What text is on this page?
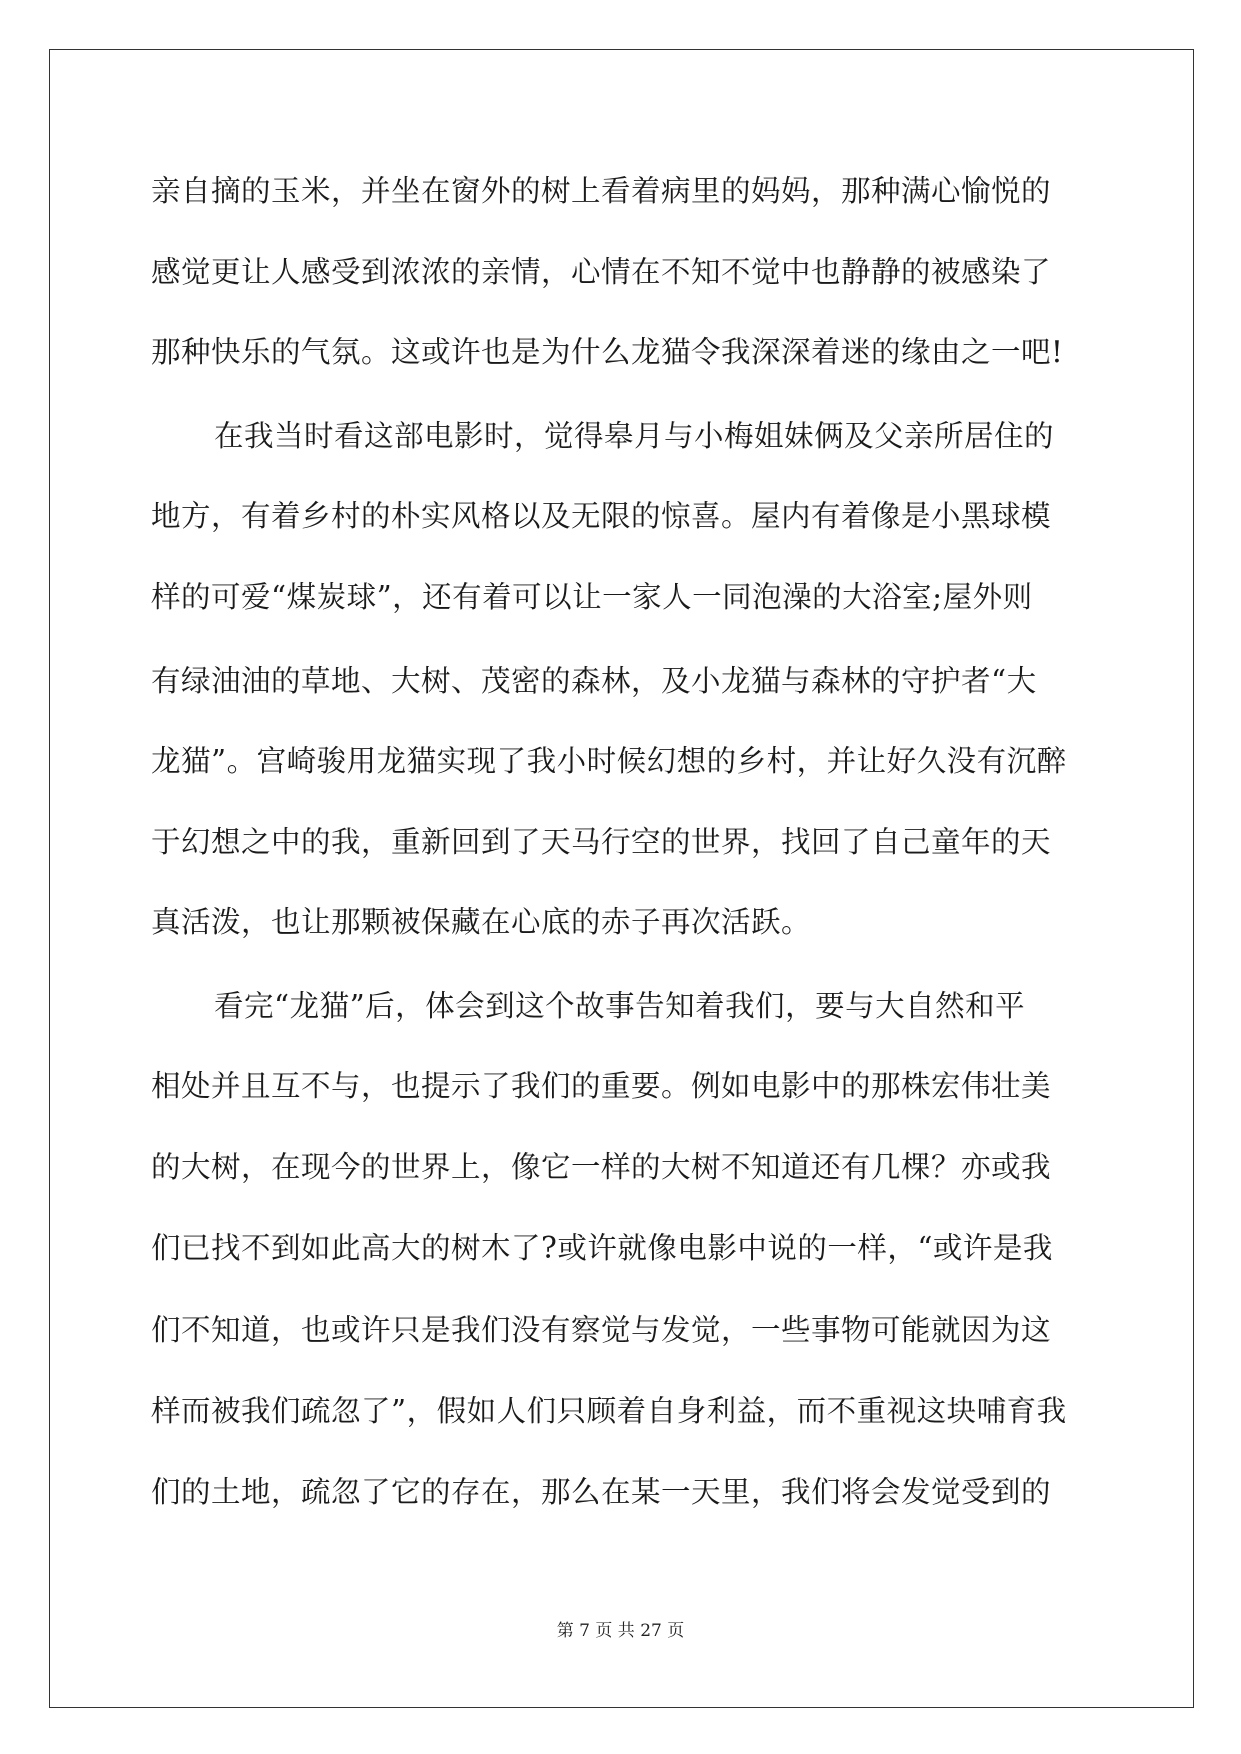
亲自摘的玉米，并坐在窗外的树上看着病里的妈妈，那种满心愉悦的
感觉更让人感受到浓浓的亲情，心情在不知不觉中也静静的被感染了
那种快乐的气氛。这或许也是为什么龙猫令我深深着迷的缘由之一吧!
在我当时看这部电影时，觉得皋月与小梅姐妹俩及父亲所居住的
地方，有着乡村的朴实风格以及无限的惊喜。屋内有着像是小黑球模
样的可爱“煤炭球”，还有着可以让一家人一同泡澡的大浴室;屋外则
有绿油油的草地、大树、茂密的森林，及小龙猫与森林的守护者“大
龙猫”。宫崎骏用龙猫实现了我小时候幻想的乡村，并让好久没有沉醉
于幻想之中的我，重新回到了天马行空的世界，找回了自己童年的天
真活泼，也让那颗被保藏在心底的赤子再次活跃。
看完“龙猫”后，体会到这个故事告知着我们，要与大自然和平
相处并且互不与，也提示了我们的重要。例如电影中的那株宏伟壮美
的大树，在现今的世界上，像它一样的大树不知道还有几棵？亦或我
们已找不到如此高大的树木了?或许就像电影中说的一样，“或许是我
们不知道，也或许只是我们没有察觉与发觉，一些事物可能就因为这
样而被我们疏忽了”，假如人们只顾着自身利益，而不重视这块哺育我
们的土地，疏忽了它的存在，那么在某一天里，我们将会发觉受到的
第 7 页 共 27 页
